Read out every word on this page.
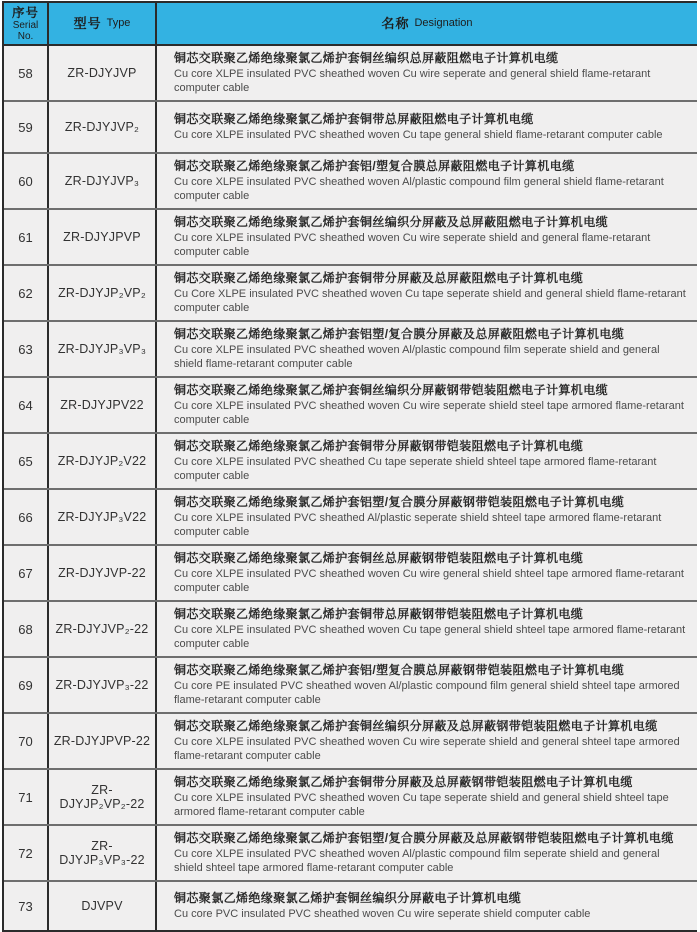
序号
Serial
No.
型号 Type	名称 Designation
58	ZR-DJYJVP
铜芯交联聚乙烯绝缘聚氯乙烯护套铜丝编织总屏蔽阻燃电子计算机电缆
Cu core XLPE insulated PVC sheathed woven Cu wire seperate and general shield flame-retarant computer cable
59	ZR-DJYJVP₂
铜芯交联聚乙烯绝缘聚氯乙烯护套铜带总屏蔽阻燃电子计算机电缆
Cu core XLPE insulated PVC sheathed woven Cu tape general shield flame-retarant computer cable
60	ZR-DJYJVP₃
铜芯交联聚乙烯绝缘聚氯乙烯护套铝/塑复合膜总屏蔽阻燃电子计算机电缆
Cu core XLPE insulated PVC sheathed woven Al/plastic compound film general shield flame-retarant computer cable
61	ZR-DJYJPVP
铜芯交联聚乙烯绝缘聚氯乙烯护套铜丝编织分屏蔽及总屏蔽阻燃电子计算机电缆
Cu core XLPE insulated PVC sheathed woven Cu wire seperate shield and general flame-retarant computer cable
62	ZR-DJYJP₂VP₂
铜芯交联聚乙烯绝缘聚氯乙烯护套铜带分屏蔽及总屏蔽阻燃电子计算机电缆
Cu Core XLPE insulated PVC sheathed woven Cu tape seperate shield and general shield flame-retarant computer cable
63	ZR-DJYJP₃VP₃
铜芯交联聚乙烯绝缘聚氯乙烯护套铝塑/复合膜分屏蔽及总屏蔽阻燃电子计算机电缆
Cu core XLPE insulated PVC sheathed woven Al/plastic compound film seperate shield and general shield flame-retarant computer cable
64	ZR-DJYJPV22
铜芯交联聚乙烯绝缘聚氯乙烯护套铜丝编织分屏蔽钢带铠装阻燃电子计算机电缆
Cu core XLPE insulated PVC sheathed woven Cu wire seperate shield steel tape armored flame-retarant computer cable
65	ZR-DJYJP₂V22
铜芯交联聚乙烯绝缘聚氯乙烯护套铜带分屏蔽钢带铠装阻燃电子计算机电缆
Cu core XLPE insulated PVC sheathed Cu tape seperate shield shteel tape armored flame-retarant computer cable
66	ZR-DJYJP₃V22
铜芯交联聚乙烯绝缘聚氯乙烯护套铝塑/复合膜分屏蔽钢带铠装阻燃电子计算机电缆
Cu core XLPE insulated PVC sheathed Al/plastic seperate shield shteel tape armored flame-retarant computer cable
67	ZR-DJYJVP-22
铜芯交联聚乙烯绝缘聚氯乙烯护套铜丝总屏蔽钢带铠装阻燃电子计算机电缆
Cu core XLPE insulated PVC sheathed woven Cu wire general shield shteel tape armored flame-retarant computer cable
68	ZR-DJYJVP₂-22
铜芯交联聚乙烯绝缘聚氯乙烯护套铜带总屏蔽钢带铠装阻燃电子计算机电缆
Cu core XLPE insulated PVC sheathed woven Cu tape general shield shteel tape armored flame-retarant computer cable
69	ZR-DJYJVP₃-22
铜芯交联聚乙烯绝缘聚氯乙烯护套铝/塑复合膜总屏蔽钢带铠装阻燃电子计算机电缆
Cu core PE insulated PVC sheathed woven Al/plastic compound film general shield shteel tape armored flame-retarant computer cable
70	ZR-DJYJPVP-22
铜芯交联聚乙烯绝缘聚氯乙烯护套铜丝编织分屏蔽及总屏蔽钢带铠装阻燃电子计算机电缆
Cu core XLPE insulated PVC sheathed woven Cu wire seperate shield and general shteel tape armored flame-retarant computer cable
71	ZR-DJYJP₂VP₂-22
铜芯交联聚乙烯绝缘聚氯乙烯护套铜带分屏蔽及总屏蔽钢带铠装阻燃电子计算机电缆
Cu core XLPE insulated PVC sheathed woven Cu tape seperate shield and general shield shteel tape armored flame-retarant computer cable
72	ZR-DJYJP₃VP₃-22
铜芯交联聚乙烯绝缘聚氯乙烯护套铝塑/复合膜分屏蔽及总屏蔽钢带铠装阻燃电子计算机电缆
Cu core XLPE insulated PVC sheathed woven Al/plastic compound film seperate shield and general shield shteel tape armored flame-retarant computer cable
73	DJVPV
铜芯聚氯乙烯绝缘聚氯乙烯护套铜丝编织分屏蔽电子计算机电缆
Cu core PVC insulated PVC sheathed woven Cu wire seperate shield computer cable
